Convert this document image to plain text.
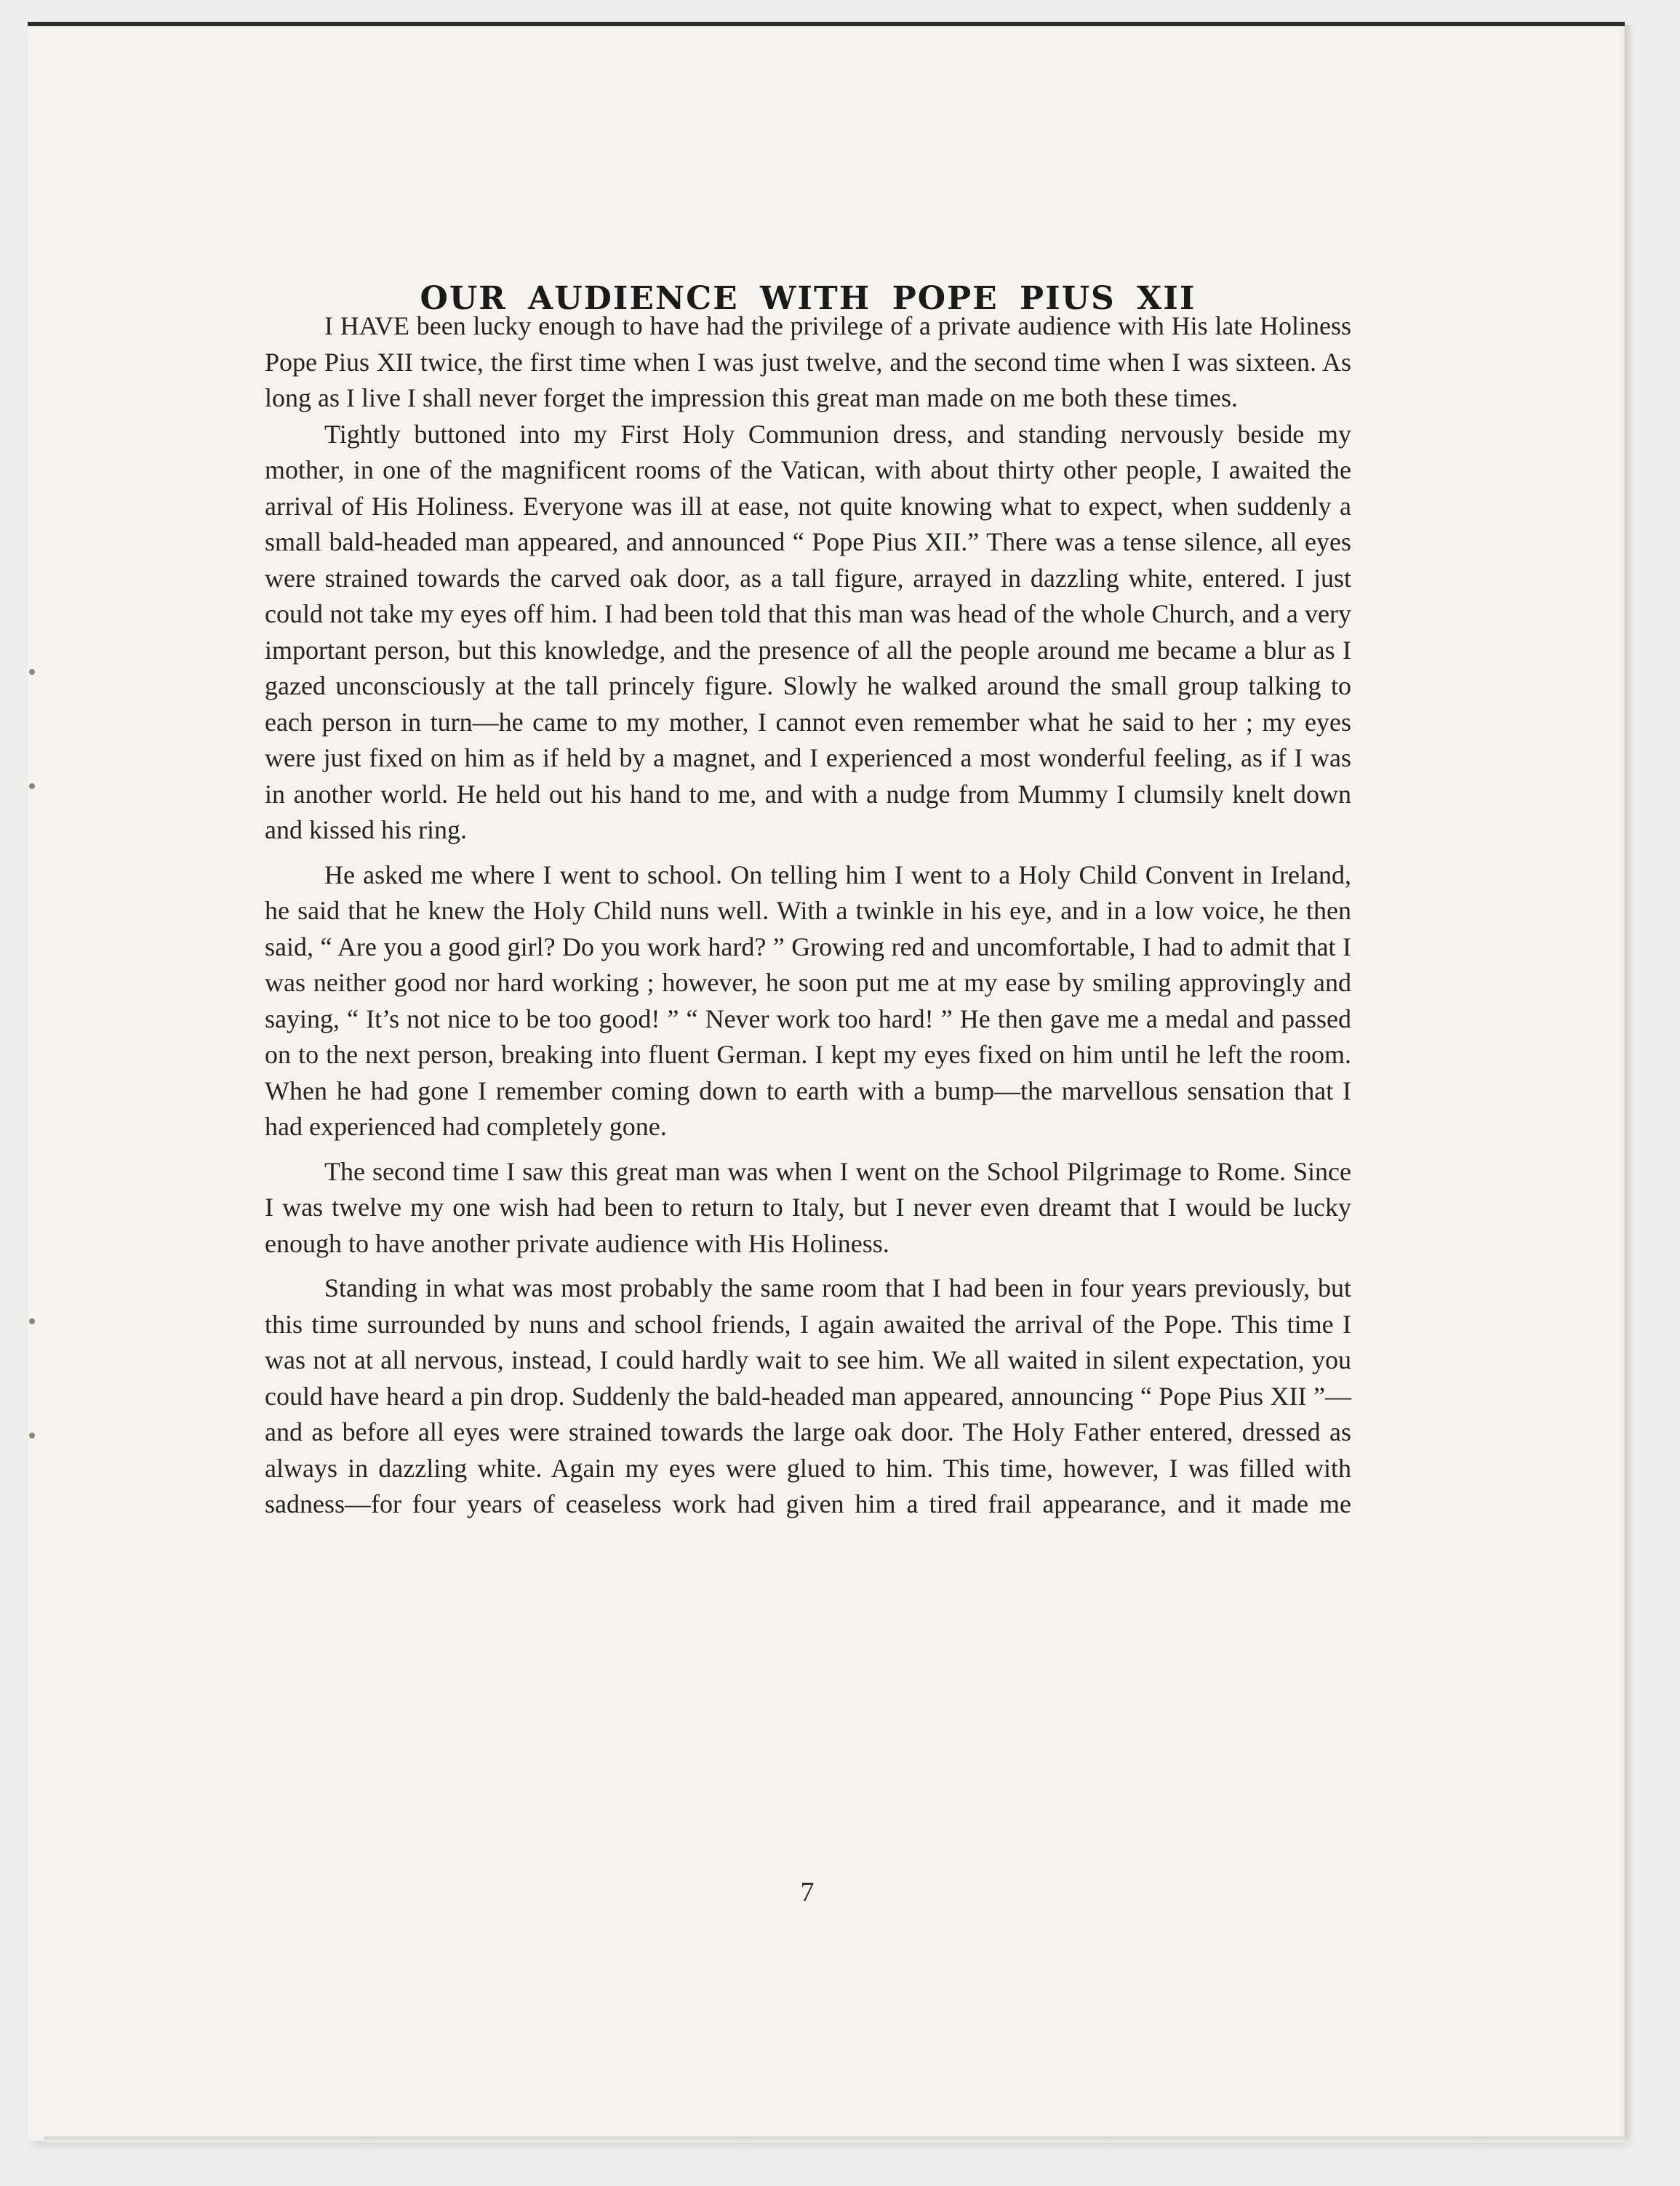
OUR AUDIENCE WITH POPE PIUS XII

I HAVE been lucky enough to have had the privilege of a private audience with His late Holiness Pope Pius XII twice, the first time when I was just twelve, and the second time when I was sixteen. As long as I live I shall never forget the impression this great man made on me both these times.

Tightly buttoned into my First Holy Communion dress, and standing nervously beside my mother, in one of the magnificent rooms of the Vatican, with about thirty other people, I awaited the arrival of His Holiness. Everyone was ill at ease, not quite knowing what to expect, when suddenly a small bald-headed man appeared, and announced “ Pope Pius XII.” There was a tense silence, all eyes were strained towards the carved oak door, as a tall figure, arrayed in dazzling white, entered. I just could not take my eyes off him. I had been told that this man was head of the whole Church, and a very important person, but this knowledge, and the presence of all the people around me became a blur as I gazed unconsciously at the tall princely figure. Slowly he walked around the small group talking to each person in turn—he came to my mother, I cannot even remember what he said to her ; my eyes were just fixed on him as if held by a magnet, and I experienced a most wonderful feeling, as if I was in another world. He held out his hand to me, and with a nudge from Mummy I clumsily knelt down and kissed his ring.

He asked me where I went to school. On telling him I went to a Holy Child Convent in Ireland, he said that he knew the Holy Child nuns well. With a twinkle in his eye, and in a low voice, he then said, “ Are you a good girl? Do you work hard? ” Growing red and uncomfortable, I had to admit that I was neither good nor hard working ; however, he soon put me at my ease by smiling approvingly and saying, “ It’s not nice to be too good! ” “ Never work too hard! ” He then gave me a medal and passed on to the next person, breaking into fluent German. I kept my eyes fixed on him until he left the room. When he had gone I remember coming down to earth with a bump—the marvellous sensation that I had experienced had completely gone.

The second time I saw this great man was when I went on the School Pilgrimage to Rome. Since I was twelve my one wish had been to return to Italy, but I never even dreamt that I would be lucky enough to have another private audience with His Holiness.

Standing in what was most probably the same room that I had been in four years previously, but this time surrounded by nuns and school friends, I again awaited the arrival of the Pope. This time I was not at all nervous, instead, I could hardly wait to see him. We all waited in silent expectation, you could have heard a pin drop. Suddenly the bald-headed man appeared, announcing “ Pope Pius XII ”—and as before all eyes were strained towards the large oak door. The Holy Father entered, dressed as always in dazzling white. Again my eyes were glued to him. This time, however, I was filled with sadness—for four years of ceaseless work had given him a tired frail appearance, and it made me

7
